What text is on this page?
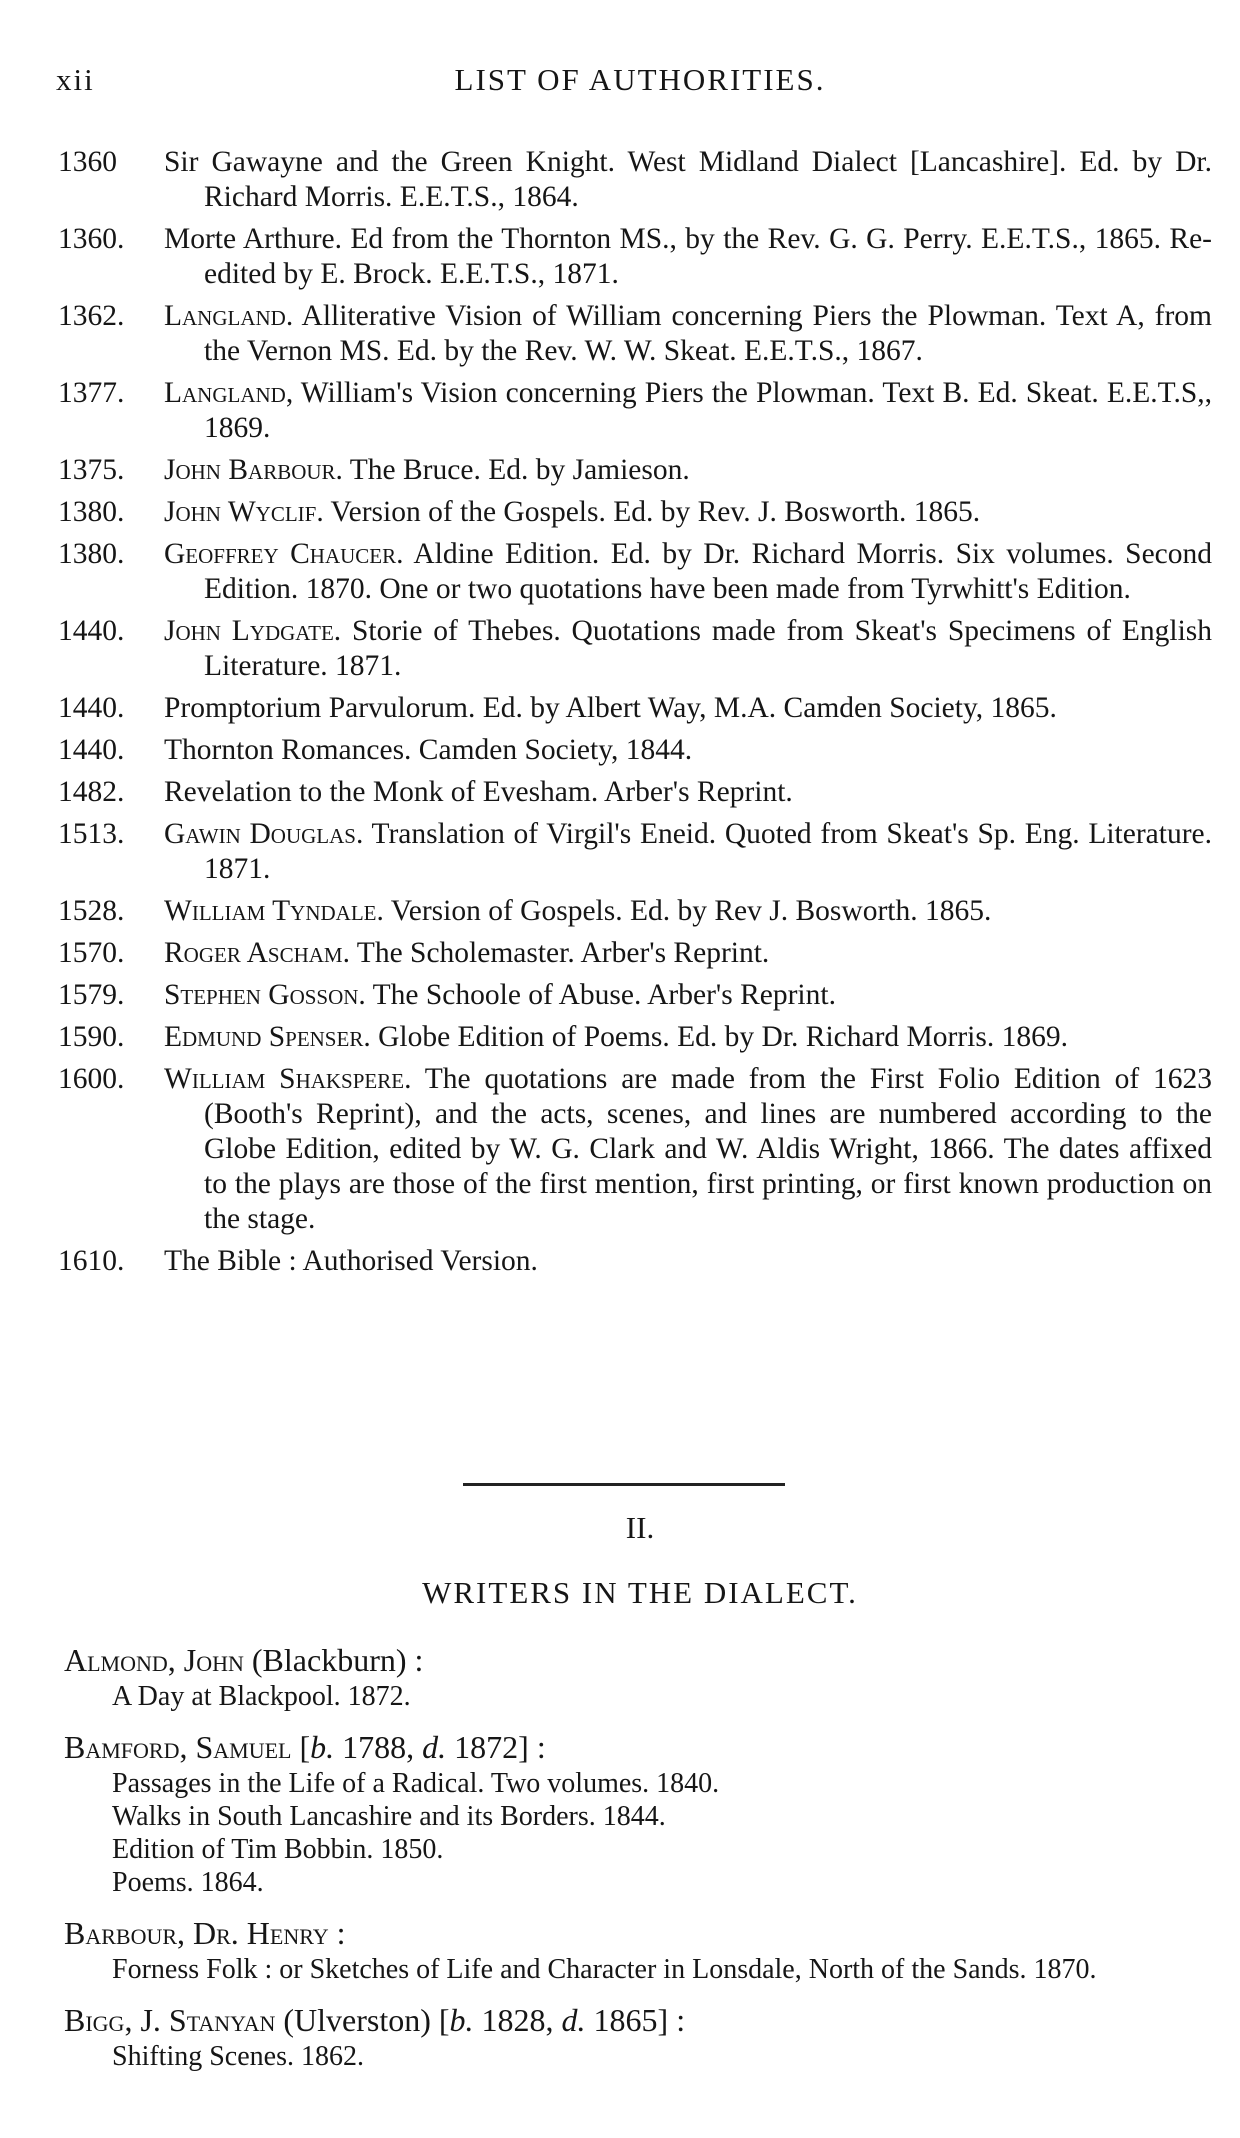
xii	LIST OF AUTHORITIES.
1360 Sir Gawayne and the Green Knight. West Midland Dialect [Lancashire]. Ed. by Dr. Richard Morris. E.E.T.S., 1864.
1360. Morte Arthure. Ed from the Thornton MS., by the Rev. G. G. Perry. E.E.T.S., 1865. Re-edited by E. Brock. E.E.T.S., 1871.
1362. Langland. Alliterative Vision of William concerning Piers the Plowman. Text A, from the Vernon MS. Ed. by the Rev. W. W. Skeat. E.E.T.S., 1867.
1377. Langland, William's Vision concerning Piers the Plowman. Text B. Ed. Skeat. E.E.T.S,, 1869.
1375. John Barbour. The Bruce. Ed. by Jamieson.
1380. John Wyclif. Version of the Gospels. Ed. by Rev. J. Bosworth. 1865.
1380. Geoffrey Chaucer. Aldine Edition. Ed. by Dr. Richard Morris. Six volumes. Second Edition. 1870. One or two quotations have been made from Tyrwhitt's Edition.
1440. John Lydgate. Storie of Thebes. Quotations made from Skeat's Specimens of English Literature. 1871.
1440. Promptorium Parvulorum. Ed. by Albert Way, M.A. Camden Society, 1865.
1440. Thornton Romances. Camden Society, 1844.
1482. Revelation to the Monk of Evesham. Arber's Reprint.
1513. Gawin Douglas. Translation of Virgil's Eneid. Quoted from Skeat's Sp. Eng. Literature. 1871.
1528. William Tyndale. Version of Gospels. Ed. by Rev J. Bosworth. 1865.
1570. Roger Ascham. The Scholemaster. Arber's Reprint.
1579. Stephen Gosson. The Schoole of Abuse. Arber's Reprint.
1590. Edmund Spenser. Globe Edition of Poems. Ed. by Dr. Richard Morris. 1869.
1600. William Shakspere. The quotations are made from the First Folio Edition of 1623 (Booth's Reprint), and the acts, scenes, and lines are numbered according to the Globe Edition, edited by W. G. Clark and W. Aldis Wright, 1866. The dates affixed to the plays are those of the first mention, first printing, or first known production on the stage.
1610. The Bible : Authorised Version.
II.
WRITERS IN THE DIALECT.
Almond, John (Blackburn) :
A Day at Blackpool. 1872.
Bamford, Samuel [b. 1788, d. 1872] :
Passages in the Life of a Radical. Two volumes. 1840.
Walks in South Lancashire and its Borders. 1844.
Edition of Tim Bobbin. 1850.
Poems. 1864.
Barbour, Dr. Henry :
Forness Folk : or Sketches of Life and Character in Lonsdale, North of the Sands. 1870.
Bigg, J. Stanyan (Ulverston) [b. 1828, d. 1865] :
Shifting Scenes. 1862.
